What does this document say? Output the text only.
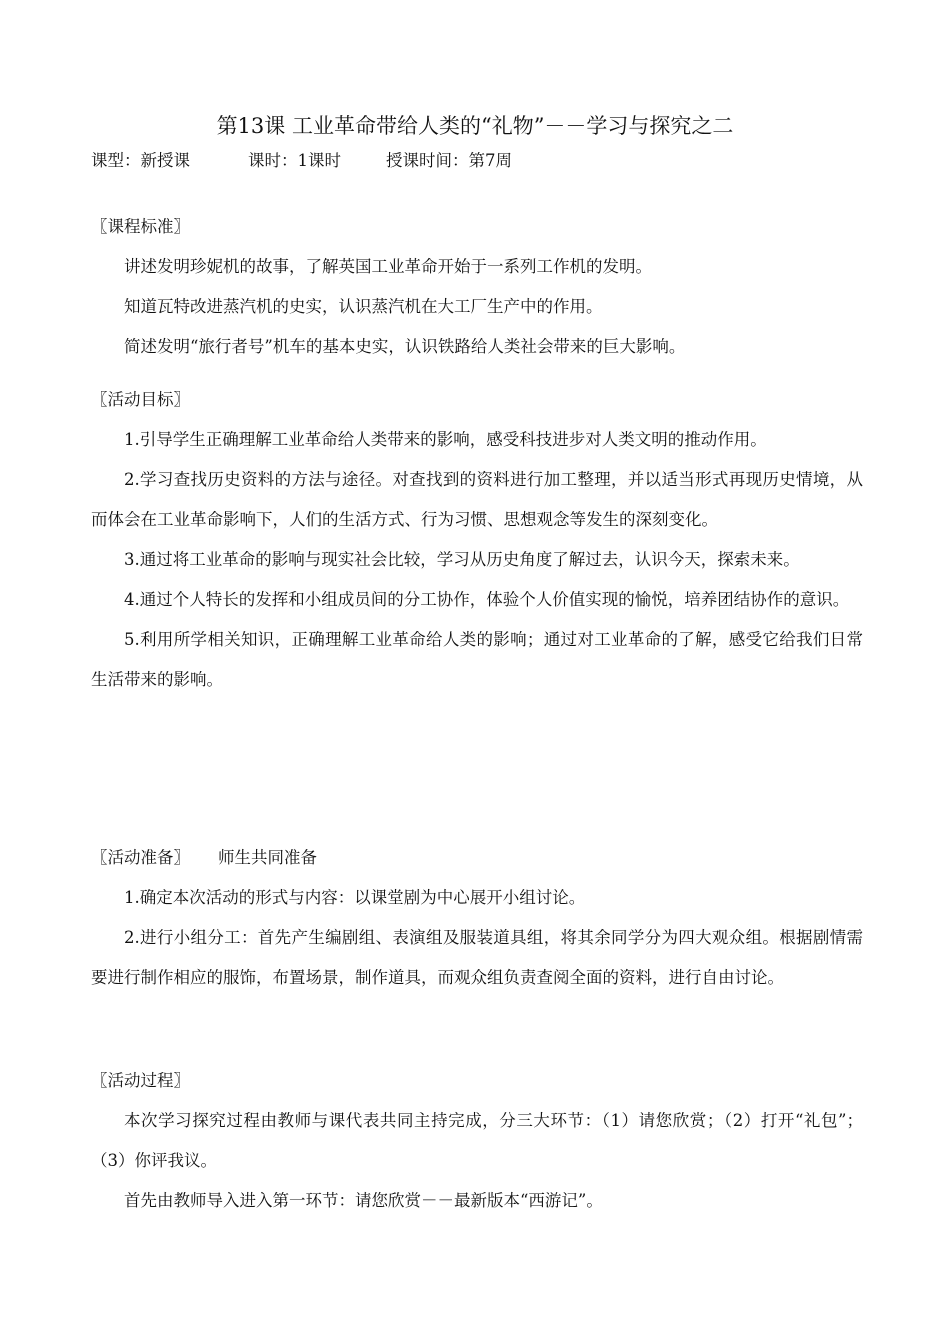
第13课 工业革命带给人类的“礼物”－－学习与探究之二
课型：新授课	课时：1课时	授课时间：第7周
〖课程标准〗

讲述发明珍妮机的故事，了解英国工业革命开始于一系列工作机的发明。

知道瓦特改进蒸汽机的史实，认识蒸汽机在大工厂生产中的作用。

简述发明“旅行者号”机车的基本史实，认识铁路给人类社会带来的巨大影响。

〖活动目标〗

1.引导学生正确理解工业革命给人类带来的影响，感受科技进步对人类文明的推动作用。

2.学习查找历史资料的方法与途径。对查找到的资料进行加工整理，并以适当形式再现历史情境，从而体会在工业革命影响下，人们的生活方式、行为习惯、思想观念等发生的深刻变化。

3.通过将工业革命的影响与现实社会比较，学习从历史角度了解过去，认识今天，探索未来。

4.通过个人特长的发挥和小组成员间的分工协作，体验个人价值实现的愉悦，培养团结协作的意识。

5.利用所学相关知识，正确理解工业革命给人类的影响；通过对工业革命的了解，感受它给我们日常生活带来的影响。

〖活动准备〗 师生共同准备

1.确定本次活动的形式与内容：以课堂剧为中心展开小组讨论。

2.进行小组分工：首先产生编剧组、表演组及服装道具组，将其余同学分为四大观众组。根据剧情需要进行制作相应的服饰，布置场景，制作道具，而观众组负责查阅全面的资料，进行自由讨论。

〖活动过程〗

本次学习探究过程由教师与课代表共同主持完成，分三大环节：（1）请您欣赏；（2）打开“礼包”；（3）你评我议。

首先由教师导入进入第一环节：请您欣赏－－最新版本“西游记”。
